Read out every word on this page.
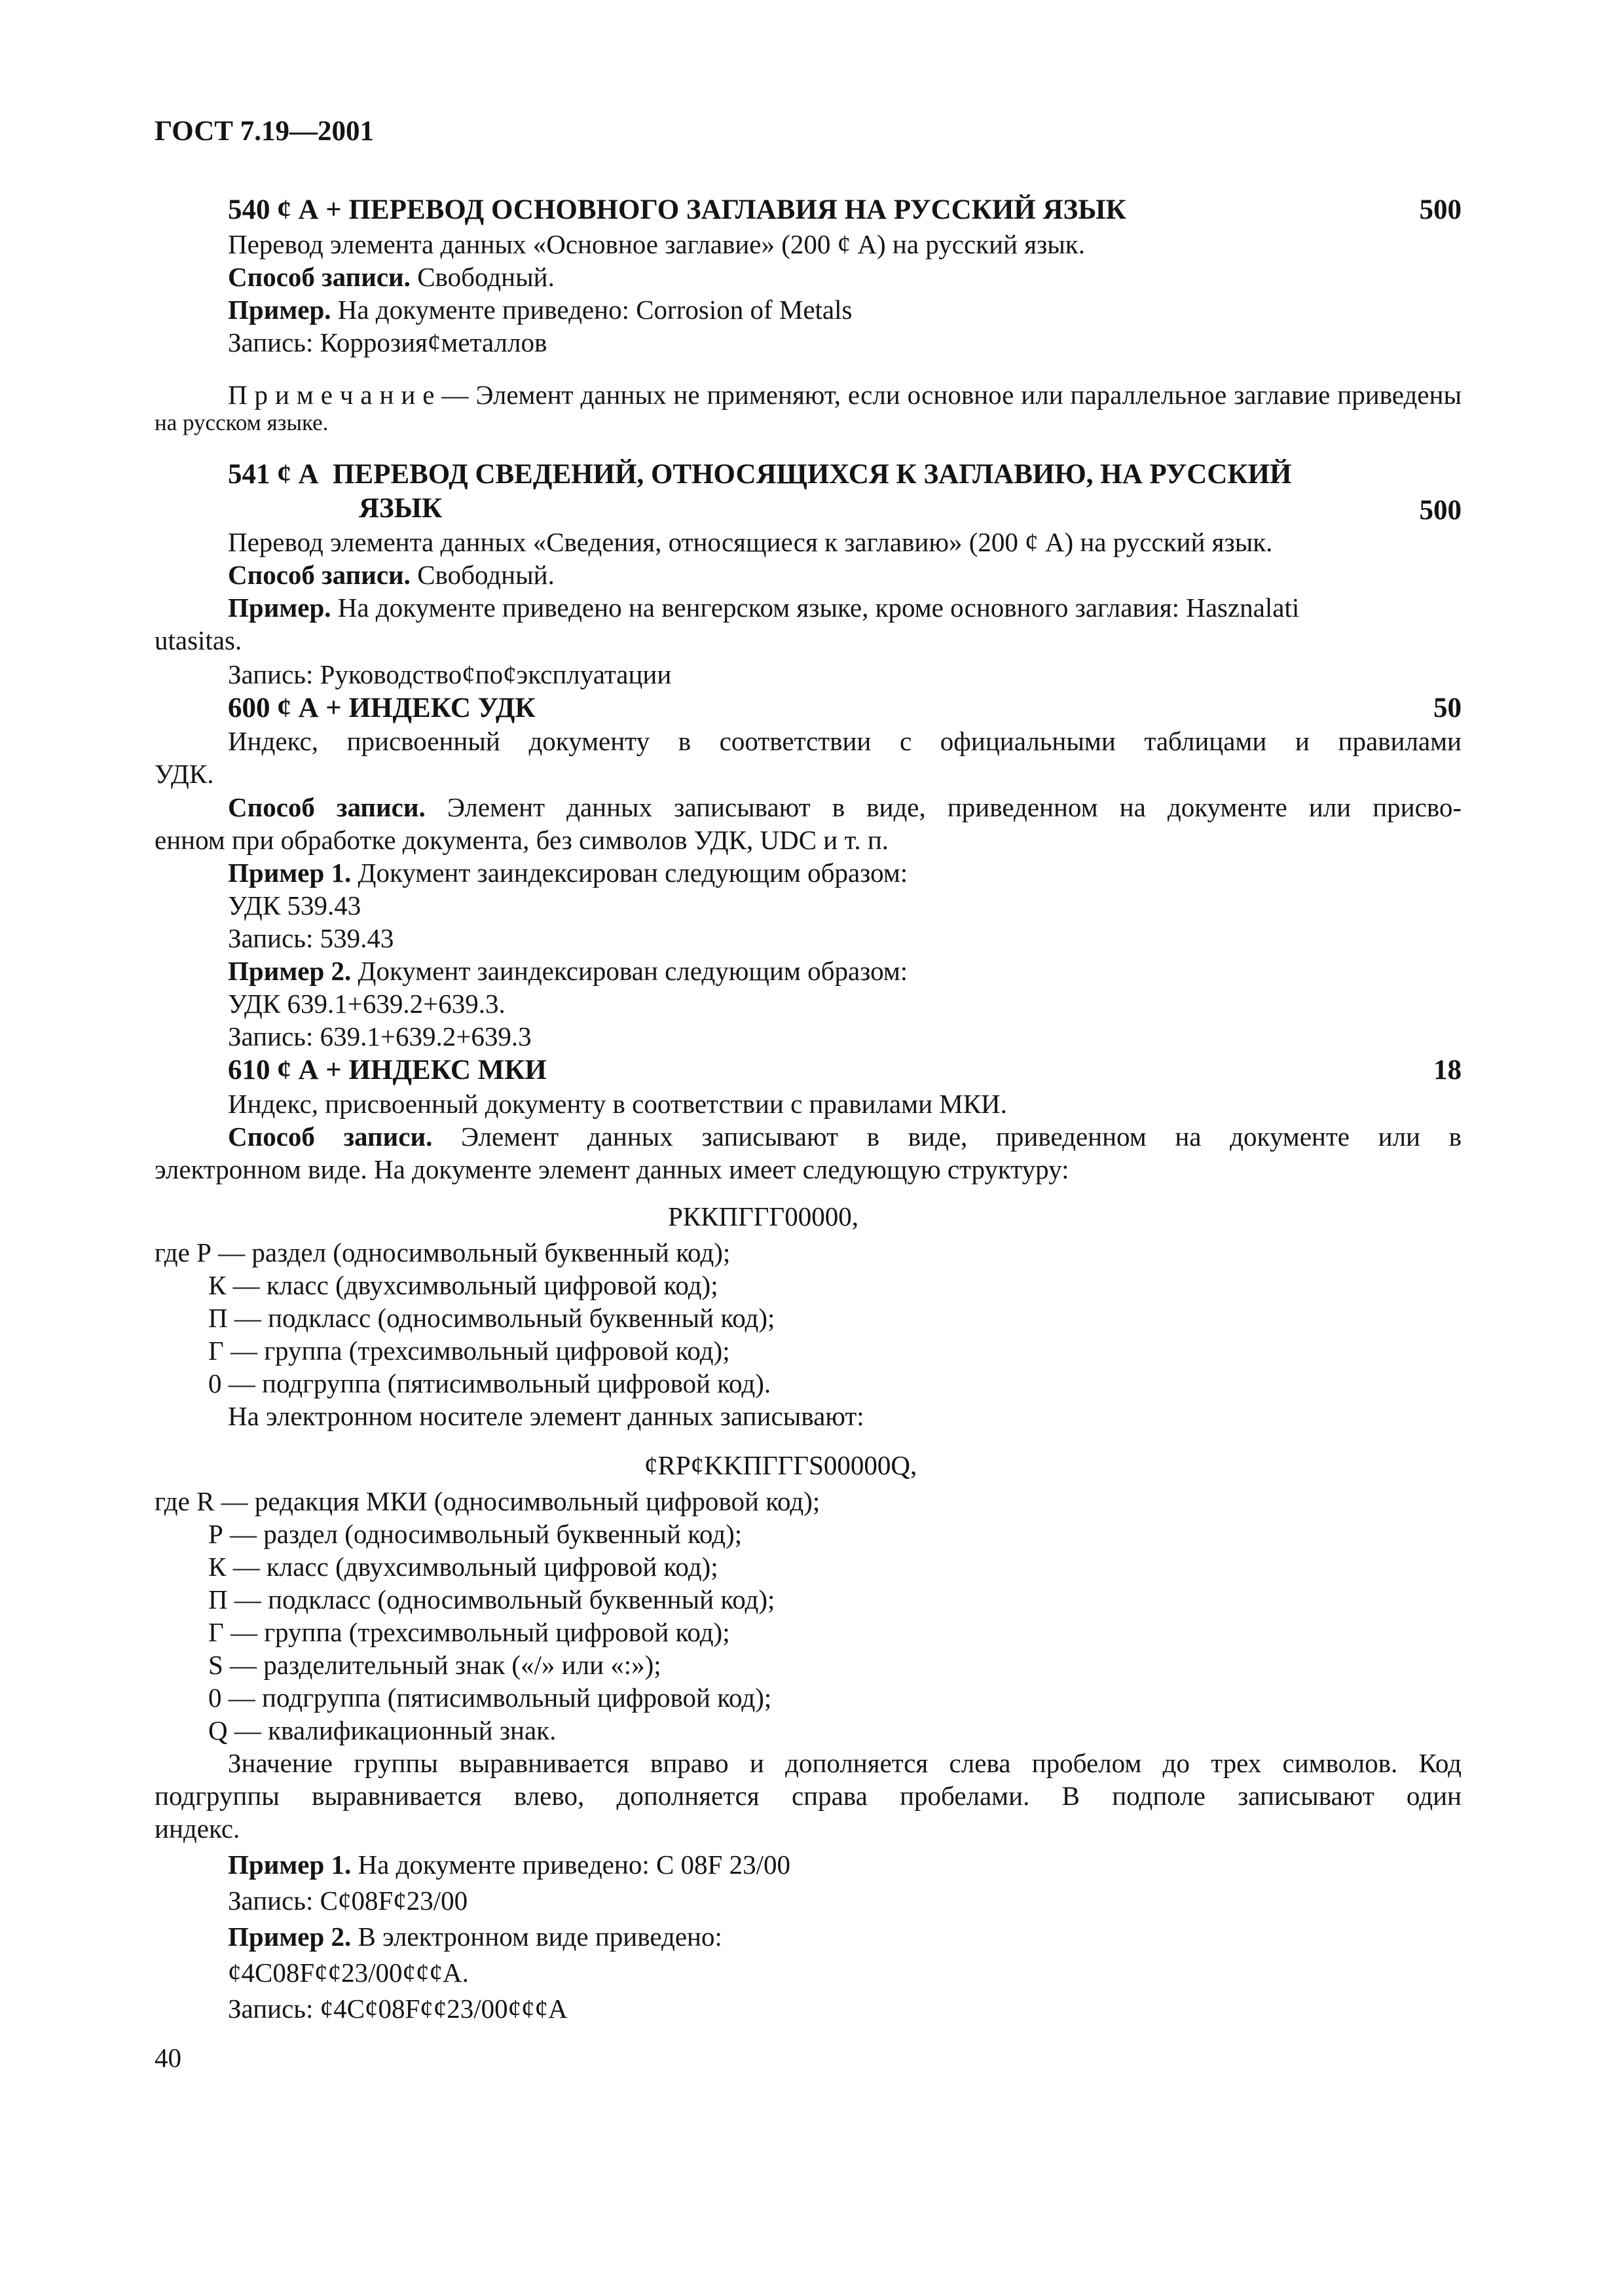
ГОСТ 7.19—2001
540 ȼ А + ПЕРЕВОД ОСНОВНОГО ЗАГЛАВИЯ НА РУССКИЙ ЯЗЫК	500
Перевод элемента данных «Основное заглавие» (200 ȼ А) на русский язык.
Способ записи. Свободный.
Пример. На документе приведено: Corrosion of Metals
Запись: Коррозияȼметаллов
П р и м е ч а н и е — Элемент данных не применяют, если основное или параллельное заглавие приведены
на русском языке.
541 ȼ А  ПЕРЕВОД СВЕДЕНИЙ, ОТНОСЯЩИХСЯ К ЗАГЛАВИЮ, НА РУССКИЙ
ЯЗЫК	500
Перевод элемента данных «Сведения, относящиеся к заглавию» (200 ȼ А) на русский язык.
Способ записи. Свободный.
Пример. На документе приведено на венгерском языке, кроме основного заглавия: Hasznalati
utasitas.
Запись: Руководствоȼпоȼэксплуатации
600 ȼ А + ИНДЕКС УДК	50
Индекс, присвоенный документу в соответствии с официальными таблицами и правилами
УДК.
Способ записи. Элемент данных записывают в виде, приведенном на документе или присво-
енном при обработке документа, без символов УДК, UDC и т. п.
Пример 1. Документ заиндексирован следующим образом:
УДК 539.43
Запись: 539.43
Пример 2. Документ заиндексирован следующим образом:
УДК 639.1+639.2+639.3.
Запись: 639.1+639.2+639.3
610 ȼ А + ИНДЕКС МКИ	18
Индекс, присвоенный документу в соответствии с правилами МКИ.
Способ записи. Элемент данных записывают в виде, приведенном на документе или в
электронном виде. На документе элемент данных имеет следующую структуру:
РККПГГГ00000,
где Р — раздел (односимвольный буквенный код);
К — класс (двухсимвольный цифровой код);
П — подкласс (односимвольный буквенный код);
Г — группа (трехсимвольный цифровой код);
0 — подгруппа (пятисимвольный цифровой код).
На электронном носителе элемент данных записывают:
ȼRPȼKKПГГГS00000Q,
где R — редакция МКИ (односимвольный цифровой код);
Р — раздел (односимвольный буквенный код);
К — класс (двухсимвольный цифровой код);
П — подкласс (односимвольный буквенный код);
Г — группа (трехсимвольный цифровой код);
S — разделительный знак («/» или «:»);
0 — подгруппа (пятисимвольный цифровой код);
Q — квалификационный знак.
Значение группы выравнивается вправо и дополняется слева пробелом до трех символов. Код
подгруппы выравнивается влево, дополняется справа пробелами. В подполе записывают один
индекс.
Пример 1. На документе приведено: С 08F 23/00
Запись: Сȼ08Fȼ23/00
Пример 2. В электронном виде приведено:
ȼ4C08Fȼȼ23/00ȼȼȼA.
Запись: ȼ4Cȼ08Fȼȼ23/00ȼȼȼA
40
